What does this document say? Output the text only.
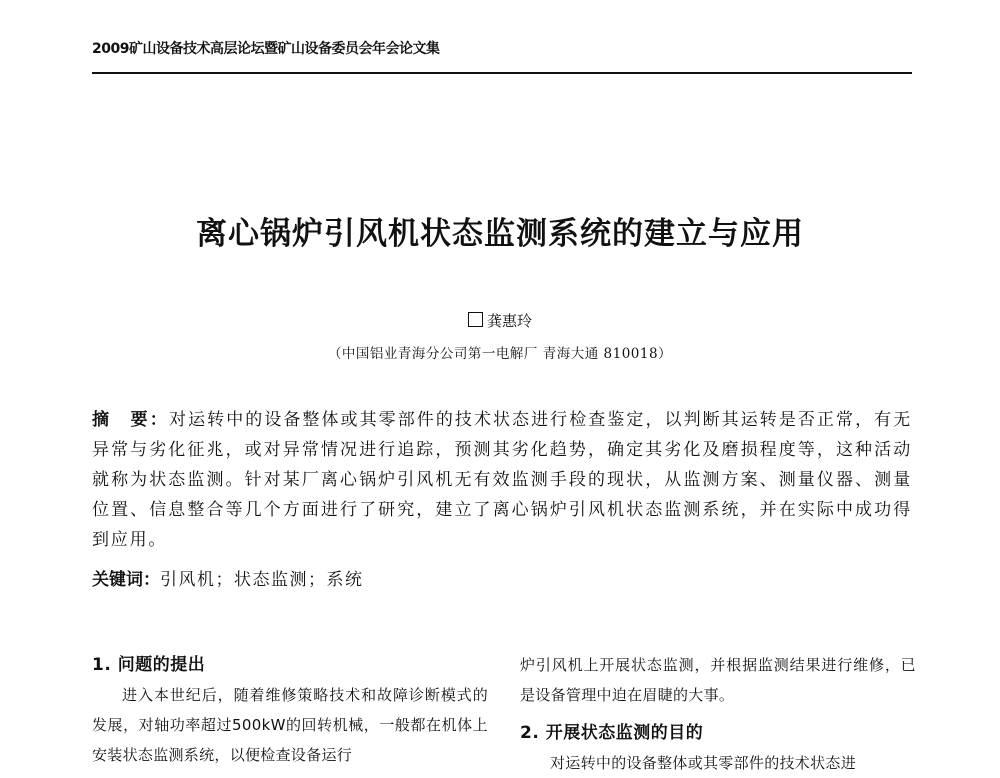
2009矿山设备技术高层论坛暨矿山设备委员会年会论文集
离心锅炉引风机状态监测系统的建立与应用
龚惠玲
（中国铝业青海分公司第一电解厂 青海大通 810018）
摘　要：对运转中的设备整体或其零部件的技术状态进行检查鉴定，以判断其运转是否正常，有无异常与劣化征兆，或对异常情况进行追踪，预测其劣化趋势，确定其劣化及磨损程度等，这种活动就称为状态监测。针对某厂离心锅炉引风机无有效监测手段的现状，从监测方案、测量仪器、测量位置、信息整合等几个方面进行了研究，建立了离心锅炉引风机状态监测系统，并在实际中成功得到应用。
关键词：引风机；状态监测；系统
1. 问题的提出
进入本世纪后，随着维修策略技术和故障诊断模式的发展，对轴功率超过500kW的回转机械，一般都在机体上安装状态监测系统，以便检查设备运行
炉引风机上开展状态监测，并根据监测结果进行维修，已是设备管理中迫在眉睫的大事。
2. 开展状态监测的目的
对运转中的设备整体或其零部件的技术状态进
